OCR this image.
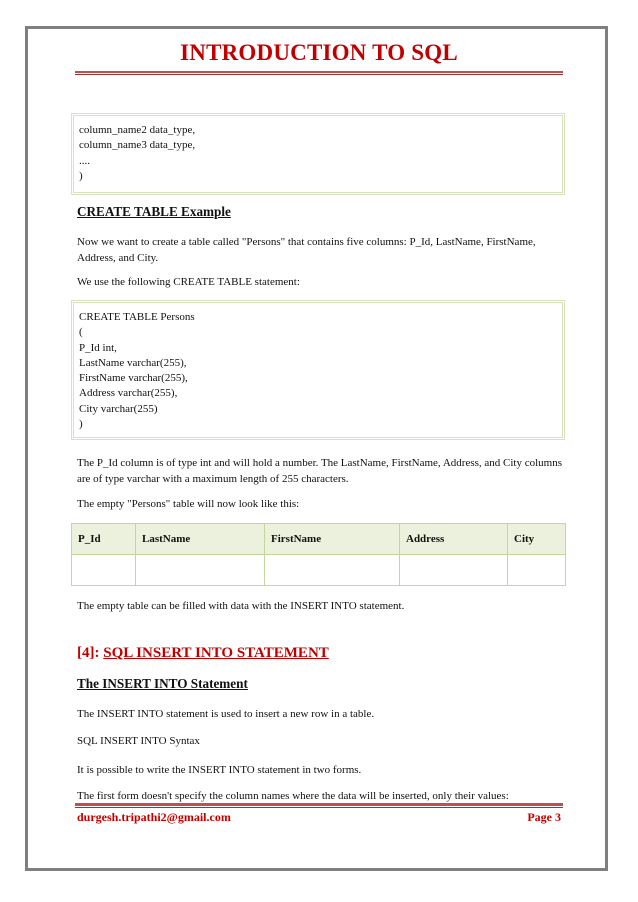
INTRODUCTION TO SQL
column_name2 data_type,
column_name3 data_type,
....
)
CREATE TABLE Example
Now we want to create a table called "Persons" that contains five columns: P_Id, LastName, FirstName, Address, and City.
We use the following CREATE TABLE statement:
CREATE TABLE Persons
(
P_Id int,
LastName varchar(255),
FirstName varchar(255),
Address varchar(255),
City varchar(255)
)
The P_Id column is of type int and will hold a number. The LastName, FirstName, Address, and City columns are of type varchar with a maximum length of 255 characters.
The empty "Persons" table will now look like this:
P_Id	LastName	FirstName	Address	City

The empty table can be filled with data with the INSERT INTO statement.
[4]: SQL INSERT INTO STATEMENT
The INSERT INTO Statement
The INSERT INTO statement is used to insert a new row in a table.
SQL INSERT INTO Syntax
It is possible to write the INSERT INTO statement in two forms.
The first form doesn't specify the column names where the data will be inserted, only their values:
durgesh.tripathi2@gmail.com	Page 3
